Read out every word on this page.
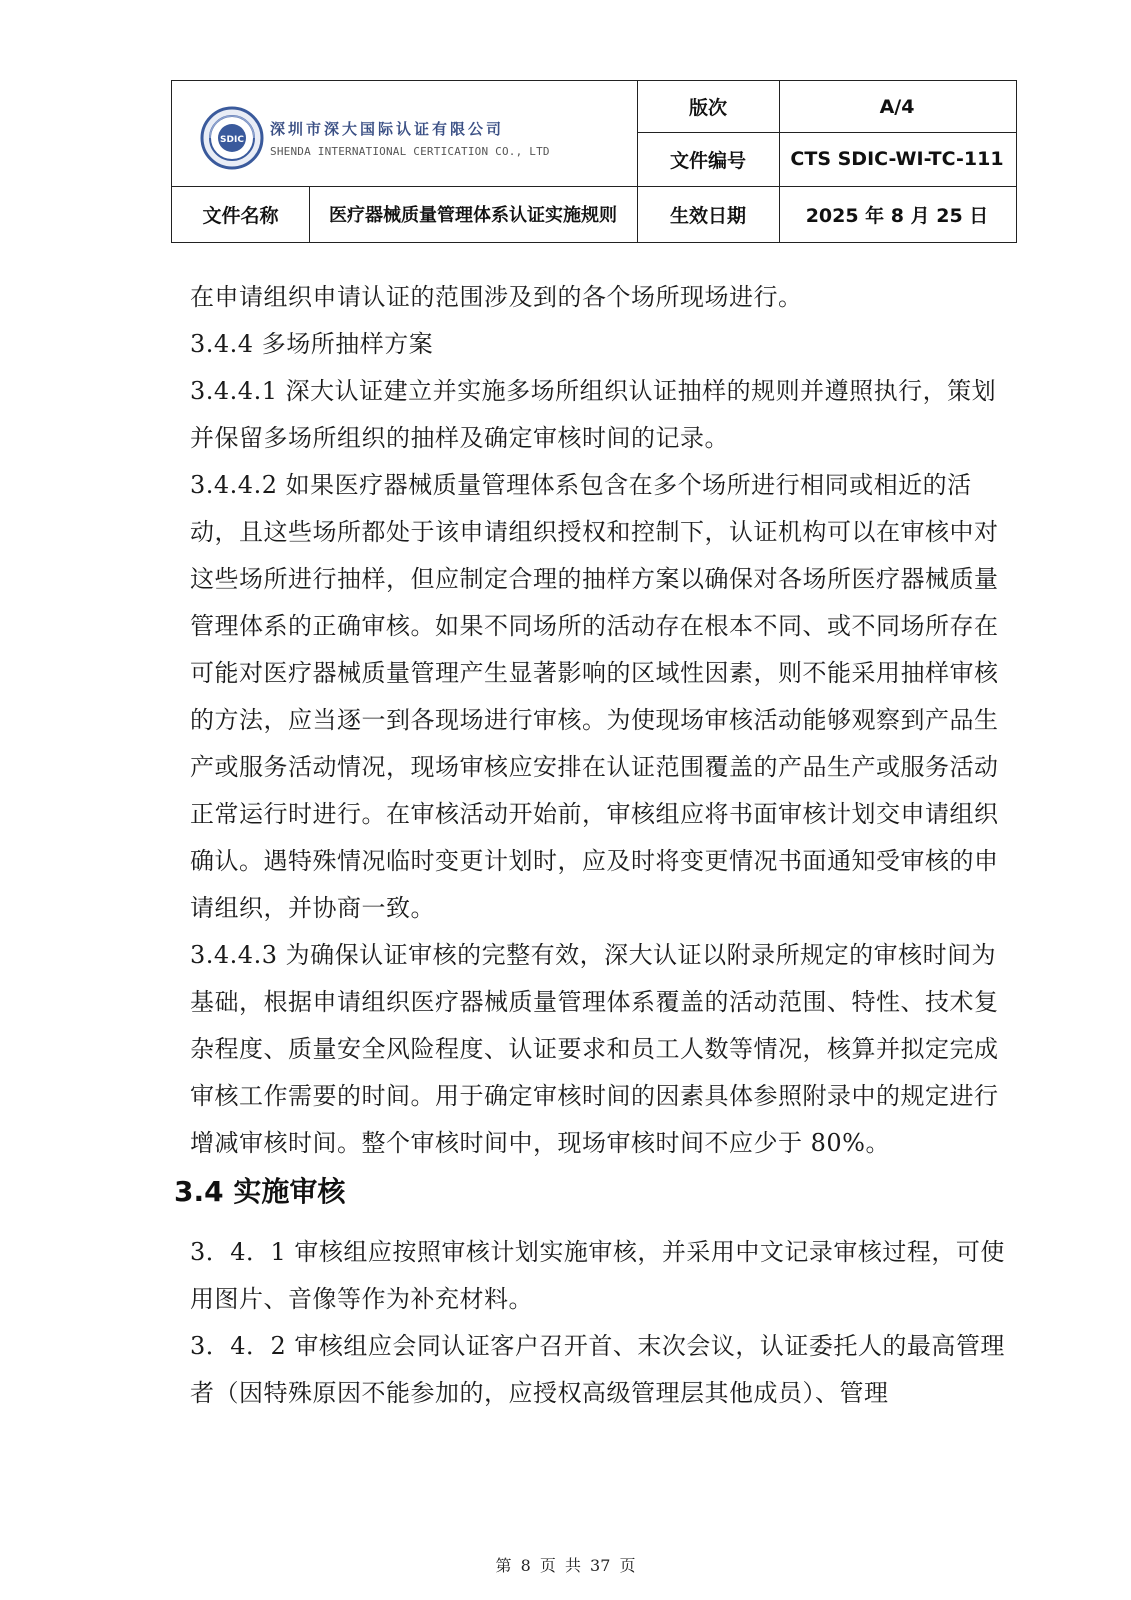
SDIC
深圳市深大国际认证有限公司
SHENDA INTERNATIONAL CERTICATION CO., LTD
版次	A/4
文件编号	CTS SDIC-WI-TC-111
文件名称	医疗器械质量管理体系认证实施规则	生效日期	2025 年 8 月 25 日

在申请组织申请认证的范围涉及到的各个场所现场进行。

3.4.4 多场所抽样方案

3.4.4.1 深大认证建立并实施多场所组织认证抽样的规则并遵照执行，策划并保留多场所组织的抽样及确定审核时间的记录。

3.4.4.2 如果医疗器械质量管理体系包含在多个场所进行相同或相近的活动，且这些场所都处于该申请组织授权和控制下，认证机构可以在审核中对这些场所进行抽样，但应制定合理的抽样方案以确保对各场所医疗器械质量管理体系的正确审核。如果不同场所的活动存在根本不同、或不同场所存在可能对医疗器械质量管理产生显著影响的区域性因素，则不能采用抽样审核的方法，应当逐一到各现场进行审核。为使现场审核活动能够观察到产品生产或服务活动情况，现场审核应安排在认证范围覆盖的产品生产或服务活动正常运行时进行。在审核活动开始前，审核组应将书面审核计划交申请组织确认。遇特殊情况临时变更计划时，应及时将变更情况书面通知受审核的申请组织，并协商一致。

3.4.4.3 为确保认证审核的完整有效，深大认证以附录所规定的审核时间为基础，根据申请组织医疗器械质量管理体系覆盖的活动范围、特性、技术复杂程度、质量安全风险程度、认证要求和员工人数等情况，核算并拟定完成审核工作需要的时间。用于确定审核时间的因素具体参照附录中的规定进行增减审核时间。整个审核时间中，现场审核时间不应少于 80%。

3.4 实施审核

3．4．1 审核组应按照审核计划实施审核，并采用中文记录审核过程，可使用图片、音像等作为补充材料。

3．4．2 审核组应会同认证客户召开首、末次会议，认证委托人的最高管理者（因特殊原因不能参加的，应授权高级管理层其他成员）、管理

第 8 页 共 37 页
